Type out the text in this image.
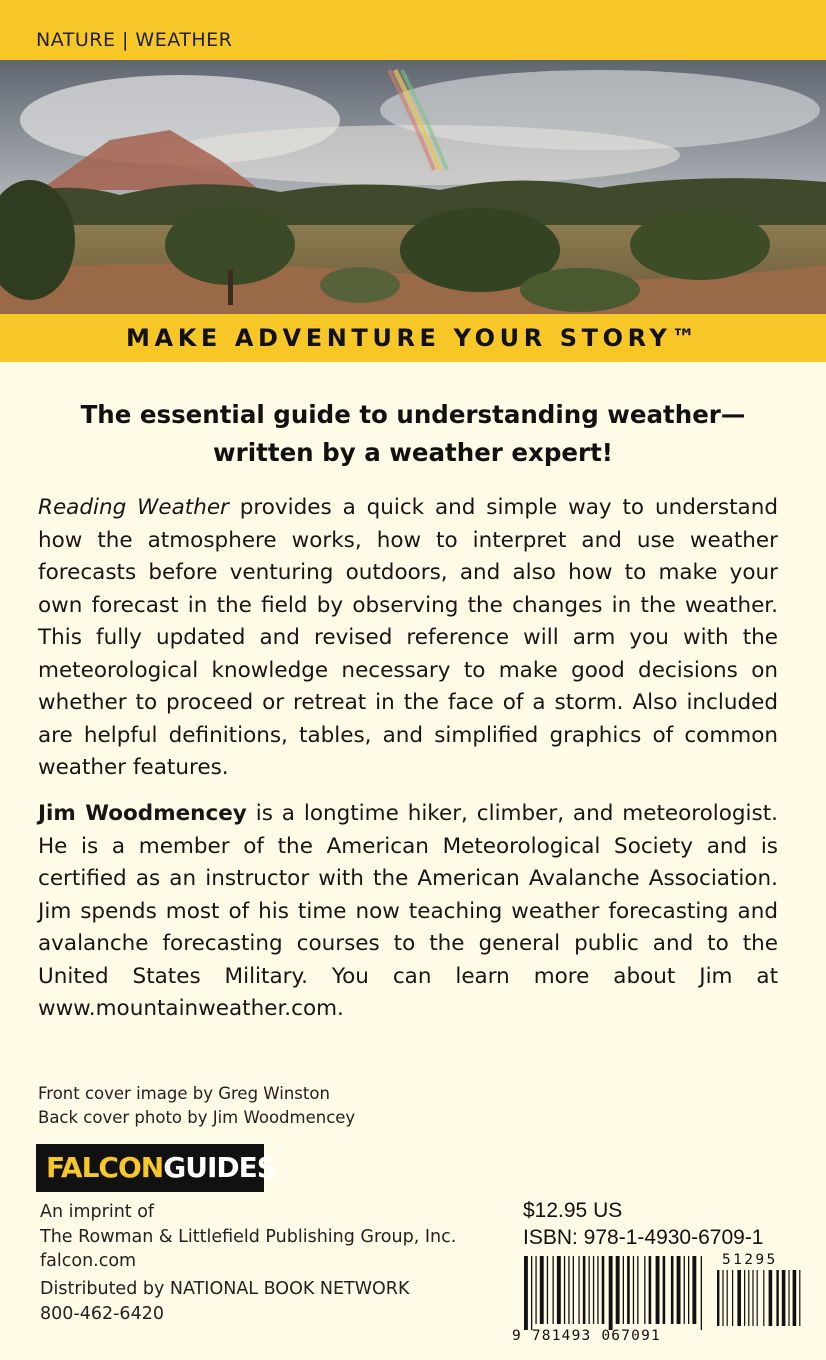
NATURE | WEATHER
MAKE ADVENTURE YOUR STORY™
The essential guide to understanding weather—
written by a weather expert!
Reading Weather provides a quick and simple way to understand how the atmosphere works, how to interpret and use weather forecasts before venturing outdoors, and also how to make your own forecast in the field by observing the changes in the weather. This fully updated and revised reference will arm you with the meteorological knowledge necessary to make good decisions on whether to proceed or retreat in the face of a storm. Also included are helpful definitions, tables, and simplified graphics of common weather features.
Jim Woodmencey is a longtime hiker, climber, and meteorologist. He is a member of the American Meteorological Society and is certified as an instructor with the American Avalanche Association. Jim spends most of his time now teaching weather forecasting and avalanche forecasting courses to the general public and to the United States Military. You can learn more about Jim at www.mountainweather.com.
Front cover image by Greg Winston
Back cover photo by Jim Woodmencey
FALCONGUIDES®
An imprint of
The Rowman & Littlefield Publishing Group, Inc.
falcon.com
Distributed by NATIONAL BOOK NETWORK
800-462-6420
$12.95 US
ISBN: 978-1-4930-6709-1
9 781493 067091
51295
